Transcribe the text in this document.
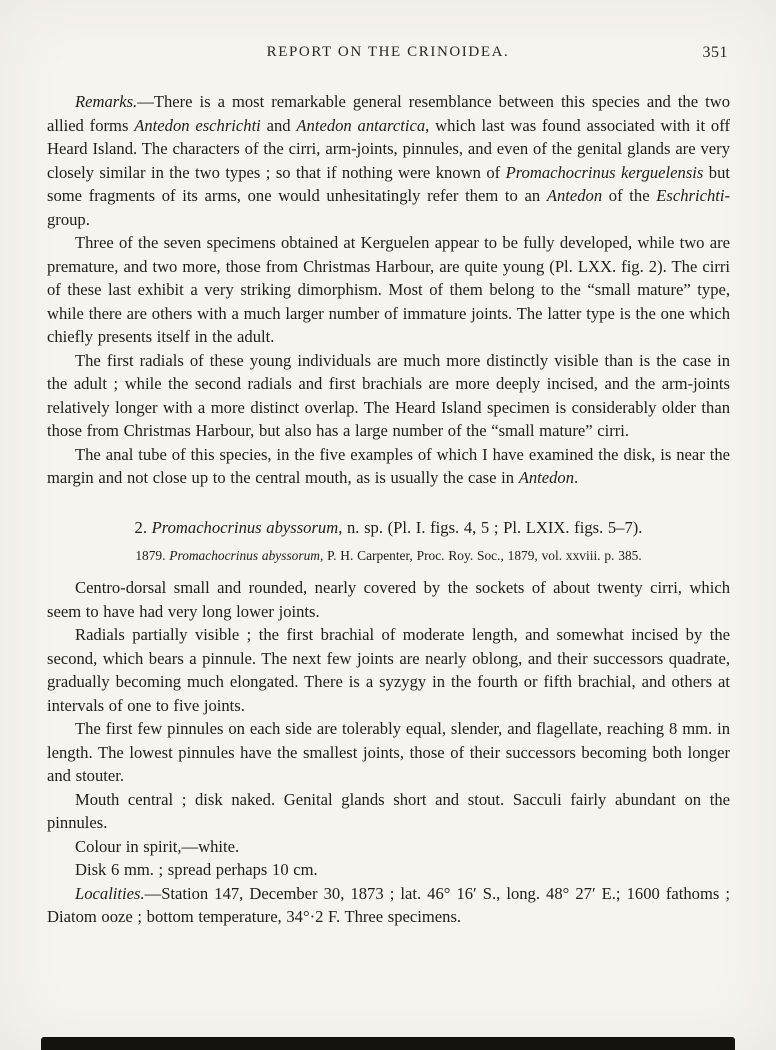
REPORT ON THE CRINOIDEA.	351

Remarks.—There is a most remarkable general resemblance between this species and the two allied forms Antedon eschrichti and Antedon antarctica, which last was found associated with it off Heard Island. The characters of the cirri, arm-joints, pinnules, and even of the genital glands are very closely similar in the two types ; so that if nothing were known of Promachocrinus kerguelensis but some fragments of its arms, one would unhesitatingly refer them to an Antedon of the Eschrichti-group.

Three of the seven specimens obtained at Kerguelen appear to be fully developed, while two are premature, and two more, those from Christmas Harbour, are quite young (Pl. LXX. fig. 2). The cirri of these last exhibit a very striking dimorphism. Most of them belong to the “small mature” type, while there are others with a much larger number of immature joints. The latter type is the one which chiefly presents itself in the adult.

The first radials of these young individuals are much more distinctly visible than is the case in the adult ; while the second radials and first brachials are more deeply incised, and the arm-joints relatively longer with a more distinct overlap. The Heard Island specimen is considerably older than those from Christmas Harbour, but also has a large number of the “small mature” cirri.

The anal tube of this species, in the five examples of which I have examined the disk, is near the margin and not close up to the central mouth, as is usually the case in Antedon.

2. Promachocrinus abyssorum, n. sp. (Pl. I. figs. 4, 5 ; Pl. LXIX. figs. 5–7).

1879. Promachocrinus abyssorum, P. H. Carpenter, Proc. Roy. Soc., 1879, vol. xxviii. p. 385.

Centro-dorsal small and rounded, nearly covered by the sockets of about twenty cirri, which seem to have had very long lower joints.

Radials partially visible ; the first brachial of moderate length, and somewhat incised by the second, which bears a pinnule. The next few joints are nearly oblong, and their successors quadrate, gradually becoming much elongated. There is a syzygy in the fourth or fifth brachial, and others at intervals of one to five joints.

The first few pinnules on each side are tolerably equal, slender, and flagellate, reaching 8 mm. in length. The lowest pinnules have the smallest joints, those of their successors becoming both longer and stouter.

Mouth central ; disk naked. Genital glands short and stout. Sacculi fairly abundant on the pinnules.

Colour in spirit,—white.

Disk 6 mm. ; spread perhaps 10 cm.

Localities.—Station 147, December 30, 1873 ; lat. 46° 16′ S., long. 48° 27′ E.; 1600 fathoms ; Diatom ooze ; bottom temperature, 34°·2 F. Three specimens.
